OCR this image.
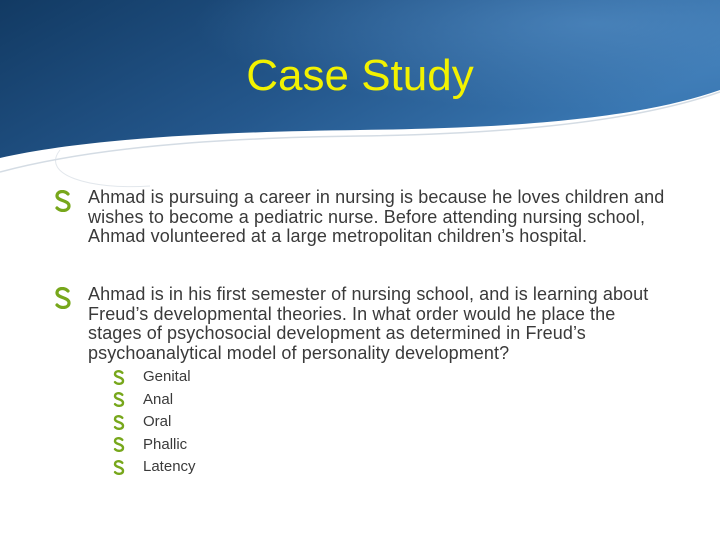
Case Study
Ahmad is pursuing a career in nursing is because he loves children and wishes to become a pediatric nurse. Before attending nursing school, Ahmad volunteered at a large metropolitan children’s hospital.
Ahmad is in his first semester of nursing school, and is learning about Freud’s developmental theories. In what order would he place the stages of psychosocial development as determined in Freud’s psychoanalytical model of personality development?
Genital
Anal
Oral
Phallic
Latency
